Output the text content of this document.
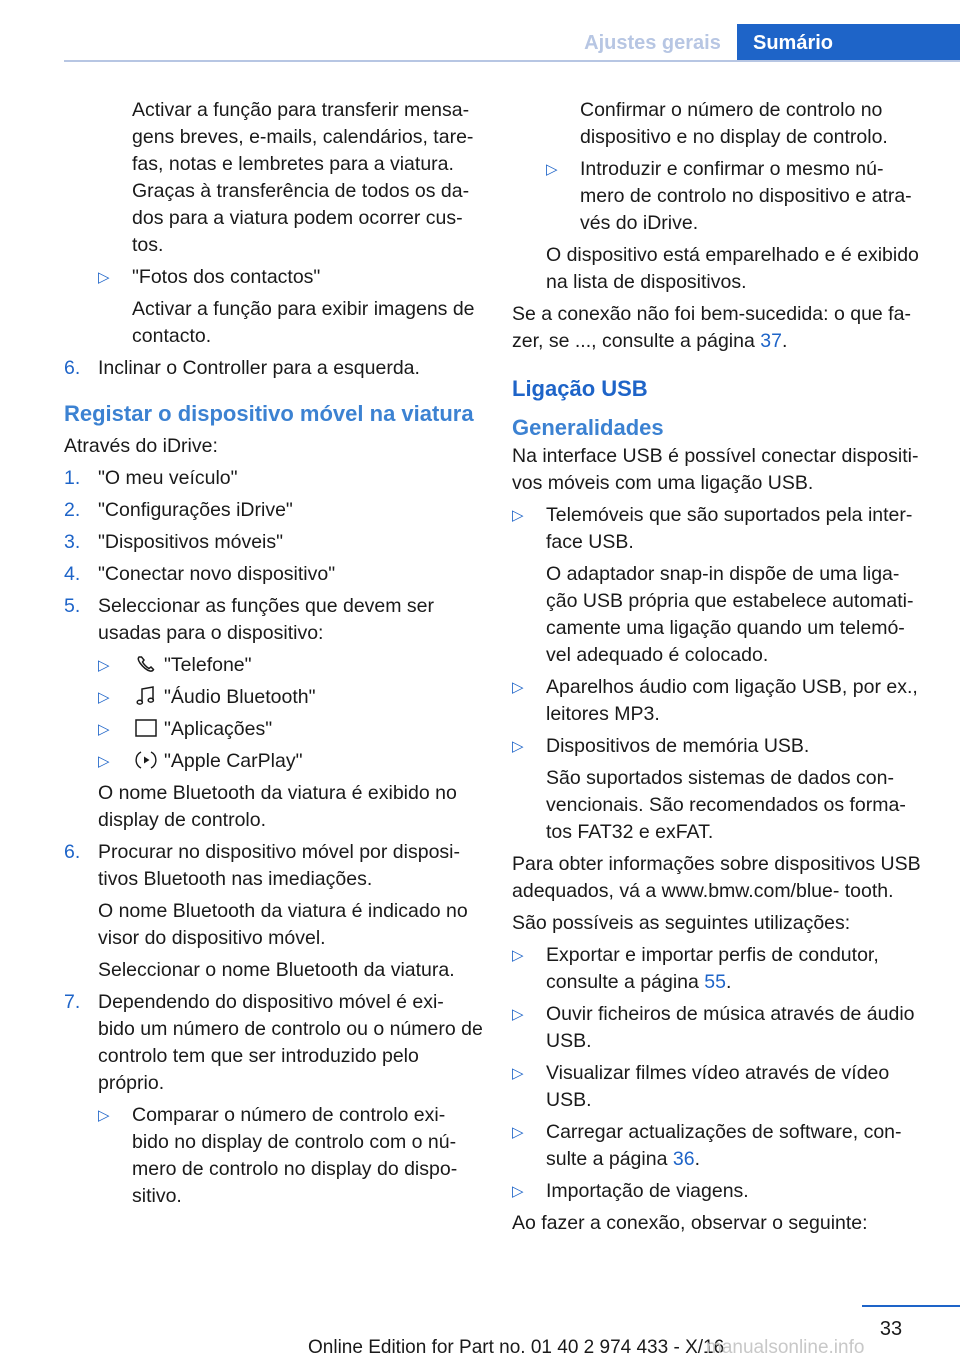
Ajustes gerais	Sumário

Activar a função para transferir mensa- gens breves, e-mails, calendários, tare- fas, notas e lembretes para a viatura. Graças à transferência de todos os da- dos para a viatura podem ocorrer cus- tos.

▷ "Fotos dos contactos"

Activar a função para exibir imagens de contacto.

6. Inclinar o Controller para a esquerda.
Registar o dispositivo móvel na viatura

Através do iDrive:

1. "O meu veículo"
2. "Configurações iDrive"
3. "Dispositivos móveis"
4. "Conectar novo dispositivo"
5. Seleccionar as funções que devem ser usadas para o dispositivo:
▷	"Telefone"
▷	"Áudio Bluetooth"
▷	"Aplicações"
▷	"Apple CarPlay"

O nome Bluetooth da viatura é exibido no display de controlo.

6. Procurar no dispositivo móvel por disposi- tivos Bluetooth nas imediações.

O nome Bluetooth da viatura é indicado no visor do dispositivo móvel.

Seleccionar o nome Bluetooth da viatura.

7. Dependendo do dispositivo móvel é exi- bido um número de controlo ou o número de controlo tem que ser introduzido pelo próprio.
▷ Comparar o número de controlo exi- bido no display de controlo com o nú- mero de controlo no display do dispo- sitivo.

Confirmar o número de controlo no dispositivo e no display de controlo.

▷ Introduzir e confirmar o mesmo nú- mero de controlo no dispositivo e atra- vés do iDrive.

O dispositivo está emparelhado e é exibido na lista de dispositivos.

Se a conexão não foi bem-sucedida: o que fa- zer, se ..., consulte a página 37.

Ligação USB
Generalidades

Na interface USB é possível conectar dispositi- vos móveis com uma ligação USB.

▷ Telemóveis que são suportados pela inter- face USB.

O adaptador snap-in dispõe de uma liga- ção USB própria que estabelece automati- camente uma ligação quando um telemó- vel adequado é colocado.

▷ Aparelhos áudio com ligação USB, por ex., leitores MP3.
▷ Dispositivos de memória USB.

São suportados sistemas de dados con- vencionais. São recomendados os forma- tos FAT32 e exFAT.

Para obter informações sobre dispositivos USB adequados, vá a www.bmw.com/blue- tooth.

São possíveis as seguintes utilizações:

▷ Exportar e importar perfis de condutor, consulte a página 55.
▷ Ouvir ficheiros de música através de áudio USB.
▷ Visualizar filmes vídeo através de vídeo USB.
▷ Carregar actualizações de software, con- sulte a página 36.
▷ Importação de viagens.

Ao fazer a conexão, observar o seguinte:

33
Online Edition for Part no. 01 40 2 974 433 - X/16
manualsonline.info
